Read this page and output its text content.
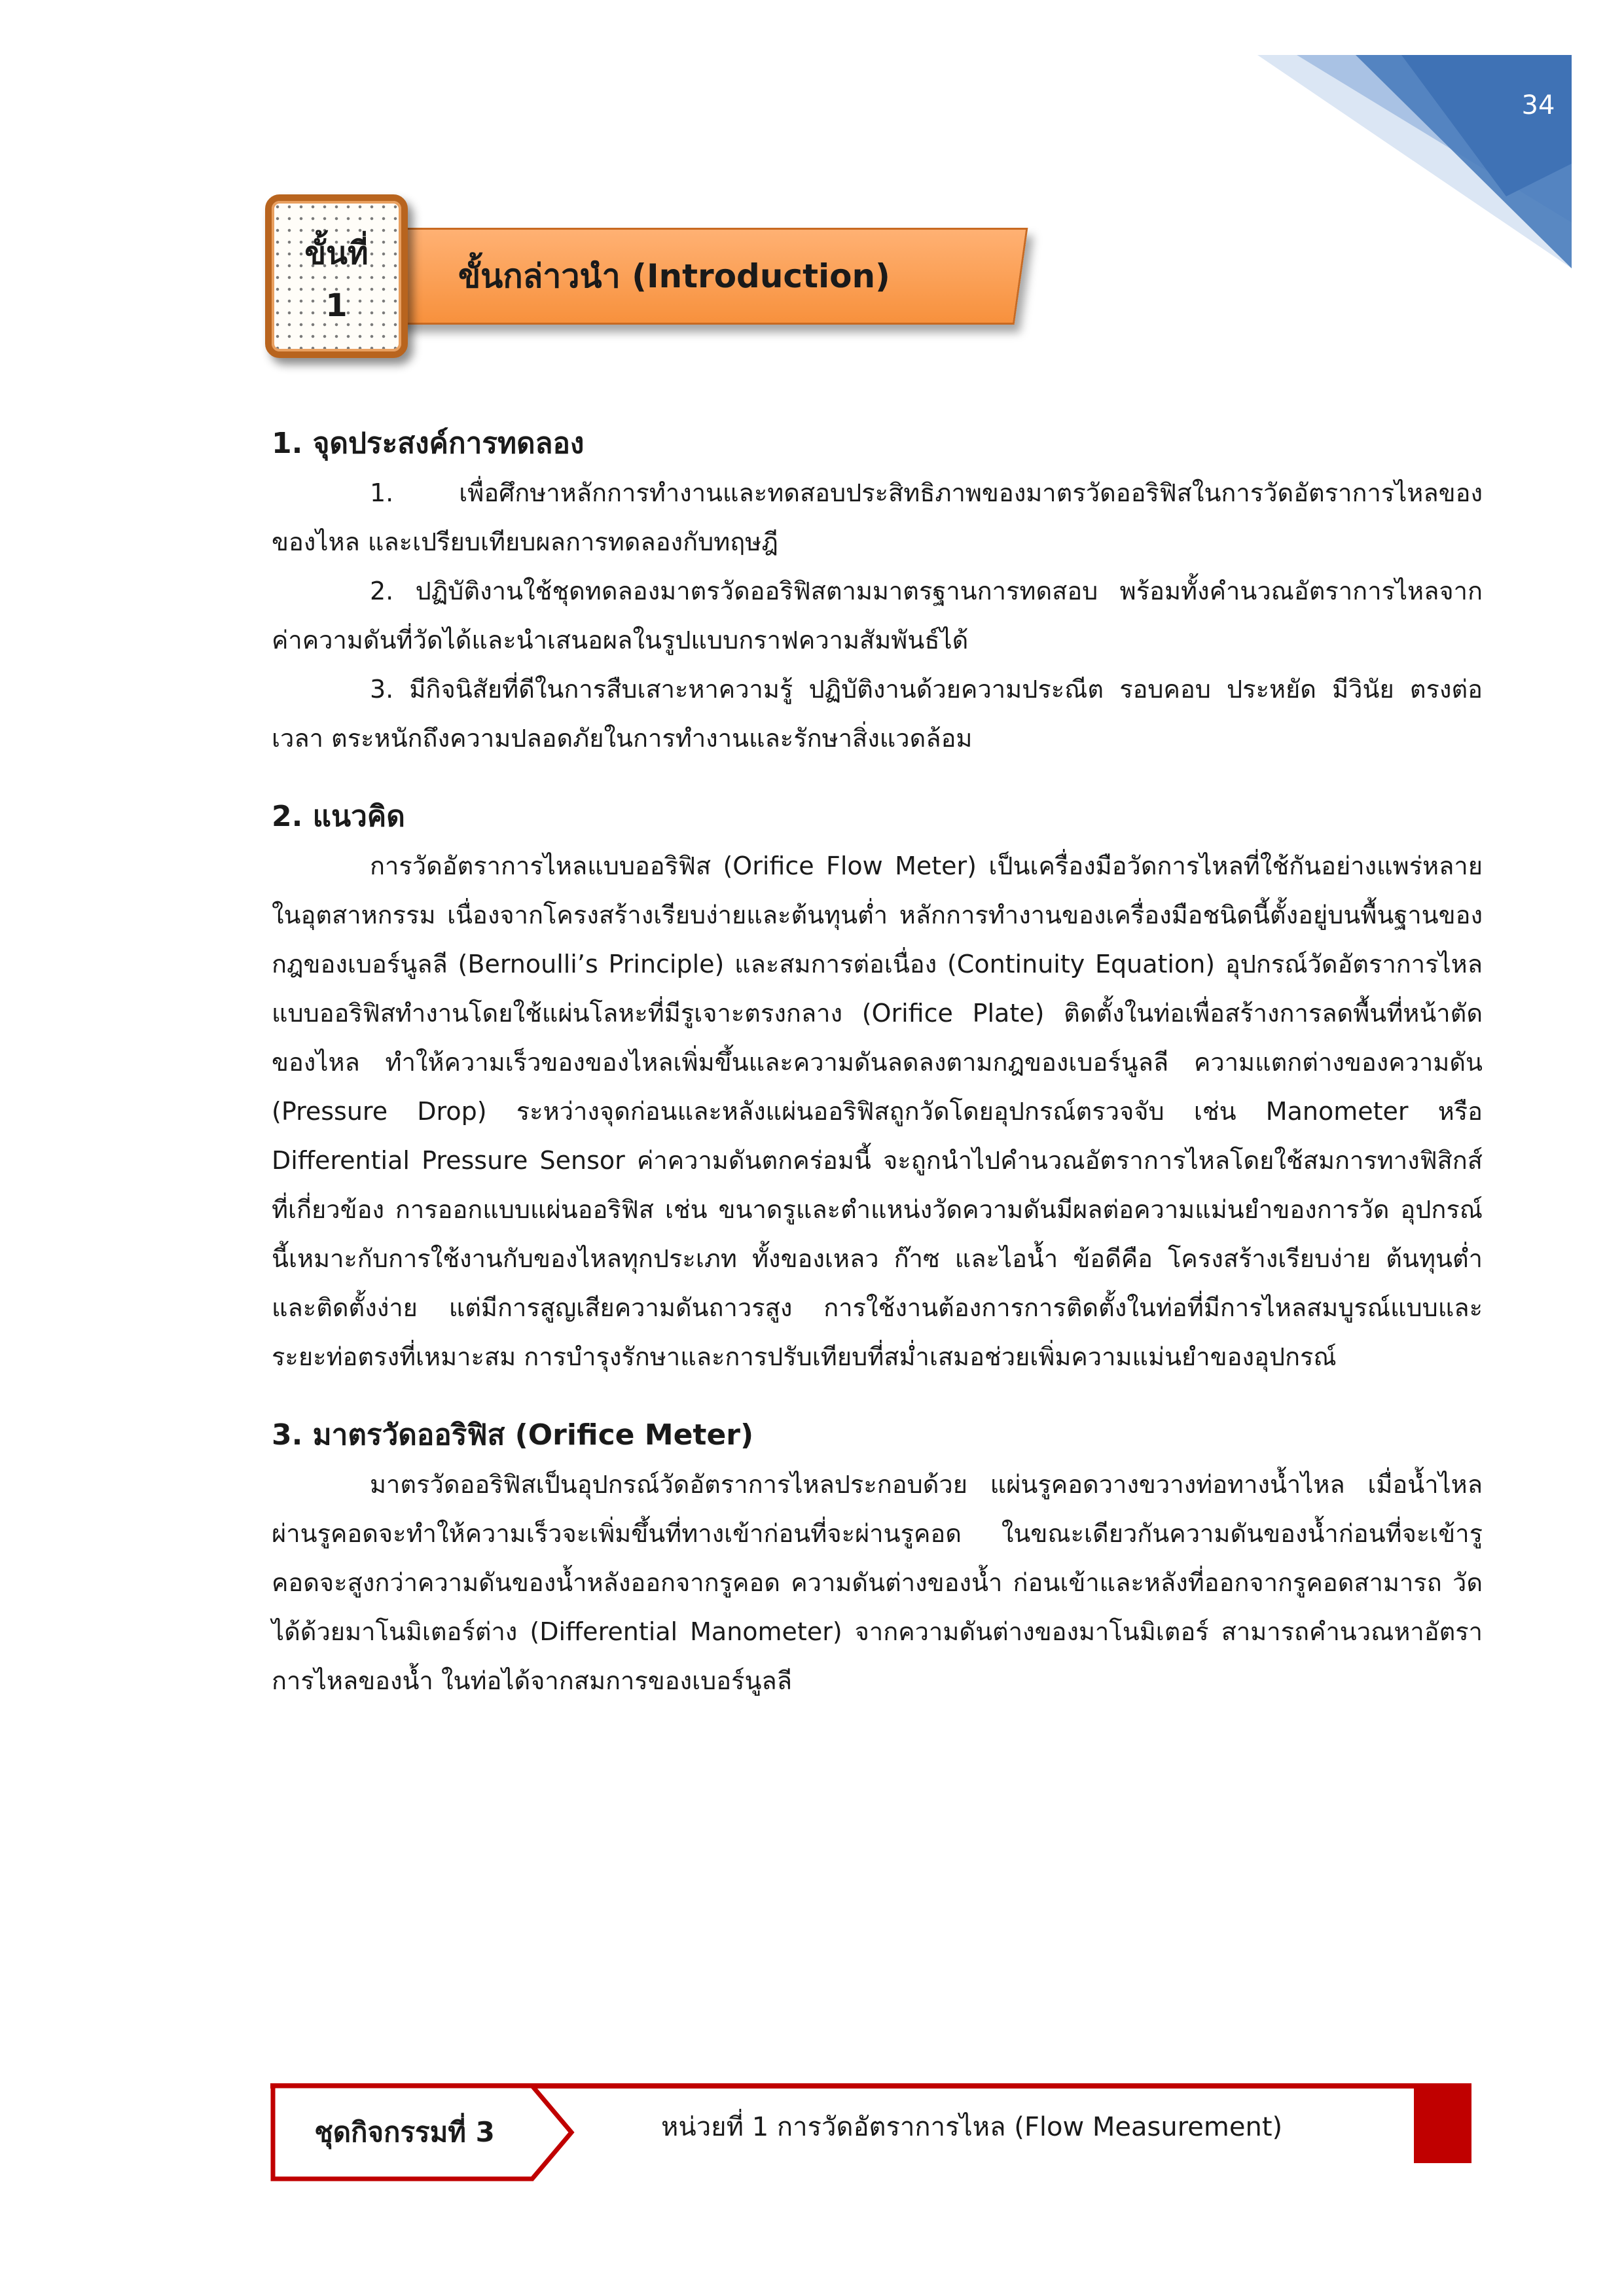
34
ขั้นกล่าวนำ (Introduction)
ขั้นที่
1

1. จุดประสงค์การทดลอง

1. เพื่อศึกษาหลักการทำงานและทดสอบประสิทธิภาพของมาตรวัดออริฟิสในการวัดอัตราการไหลของของไหล และเปรียบเทียบผลการทดลองกับทฤษฎี

2. ปฏิบัติงานใช้ชุดทดลองมาตรวัดออริฟิสตามมาตรฐานการทดสอบ พร้อมทั้งคำนวณอัตราการไหลจากค่าความดันที่วัดได้และนำเสนอผลในรูปแบบกราฟความสัมพันธ์ได้

3. มีกิจนิสัยที่ดีในการสืบเสาะหาความรู้ ปฏิบัติงานด้วยความประณีต รอบคอบ ประหยัด มีวินัย ตรงต่อเวลา ตระหนักถึงความปลอดภัยในการทำงานและรักษาสิ่งแวดล้อม

2. แนวคิด

การวัดอัตราการไหลแบบออริฟิส (Orifice Flow Meter) เป็นเครื่องมือวัดการไหลที่ใช้กันอย่างแพร่หลายในอุตสาหกรรม เนื่องจากโครงสร้างเรียบง่ายและต้นทุนต่ำ หลักการทำงานของเครื่องมือชนิดนี้ตั้งอยู่บนพื้นฐานของ กฎของเบอร์นูลลี (Bernoulli’s Principle) และสมการต่อเนื่อง (Continuity Equation) อุปกรณ์วัดอัตราการไหลแบบออริฟิสทำงานโดยใช้แผ่นโลหะที่มีรูเจาะตรงกลาง (Orifice Plate) ติดตั้งในท่อเพื่อสร้างการลดพื้นที่หน้าตัดของไหล ทำให้ความเร็วของของไหลเพิ่มขึ้นและความดันลดลงตามกฎของเบอร์นูลลี ความแตกต่างของความดัน (Pressure Drop) ระหว่างจุดก่อนและหลังแผ่นออริฟิสถูกวัดโดยอุปกรณ์ตรวจจับ เช่น Manometer หรือ Differential Pressure Sensor ค่าความดันตกคร่อมนี้ จะถูกนำไปคำนวณอัตราการไหลโดยใช้สมการทางฟิสิกส์ที่เกี่ยวข้อง การออกแบบแผ่นออริฟิส เช่น ขนาดรูและตำแหน่งวัดความดันมีผลต่อความแม่นยำของการวัด อุปกรณ์นี้เหมาะกับการใช้งานกับของไหลทุกประเภท ทั้งของเหลว ก๊าซ และไอน้ำ ข้อดีคือ โครงสร้างเรียบง่าย ต้นทุนต่ำ และติดตั้งง่าย แต่มีการสูญเสียความดันถาวรสูง การใช้งานต้องการการติดตั้งในท่อที่มีการไหลสมบูรณ์แบบและระยะท่อตรงที่เหมาะสม การบำรุงรักษาและการปรับเทียบที่สม่ำเสมอช่วยเพิ่มความแม่นยำของอุปกรณ์

3. มาตรวัดออริฟิส (Orifice Meter)

มาตรวัดออริฟิสเป็นอุปกรณ์วัดอัตราการไหลประกอบด้วย แผ่นรูคอดวางขวางท่อทางน้ำไหล เมื่อน้ำไหลผ่านรูคอดจะทำให้ความเร็วจะเพิ่มขึ้นที่ทางเข้าก่อนที่จะผ่านรูคอด ในขณะเดียวกันความดันของน้ำก่อนที่จะเข้ารูคอดจะสูงกว่าความดันของน้ำหลังออกจากรูคอด ความดันต่างของน้ำ ก่อนเข้าและหลังที่ออกจากรูคอดสามารถ วัดได้ด้วยมาโนมิเตอร์ต่าง (Differential Manometer) จากความดันต่างของมาโนมิเตอร์ สามารถคำนวณหาอัตราการไหลของน้ำ ในท่อได้จากสมการของเบอร์นูลลี

ชุดกิจกรรมที่ 3	หน่วยที่ 1 การวัดอัตราการไหล (Flow Measurement)
